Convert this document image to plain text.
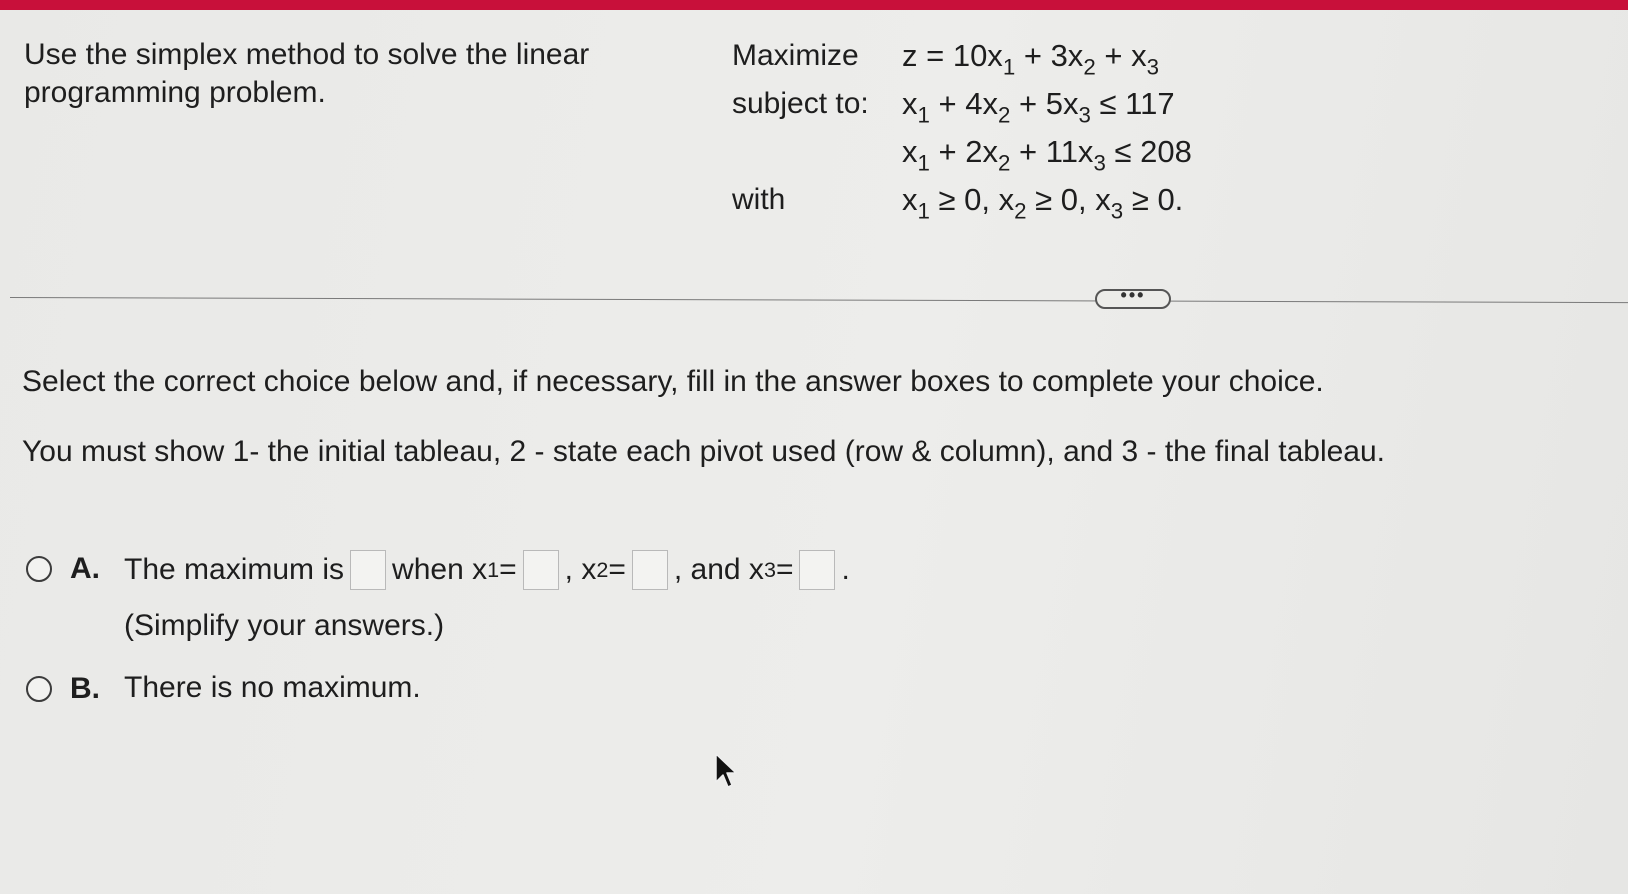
Use the simplex method to solve the linear programming problem.
Maximize
subject to:
with
$z = 10x_1 + 3x_2 + x_3$
$x_1 + 4x_2 + 5x_3 \le 117$
$x_1 + 2x_2 + 11x_3 \le 208$
$x_1 \ge 0$, $x_2 \ge 0$, $x_3 \ge 0$.
•••
Select the correct choice below and, if necessary, fill in the answer boxes to complete your choice.
You must show 1- the initial tableau, 2 - state each pivot used (row & column), and 3 - the final tableau.
A. The maximum is when x 1 = , x 2 = , and x 3 = .
(Simplify your answers.)
B. There is no maximum.
